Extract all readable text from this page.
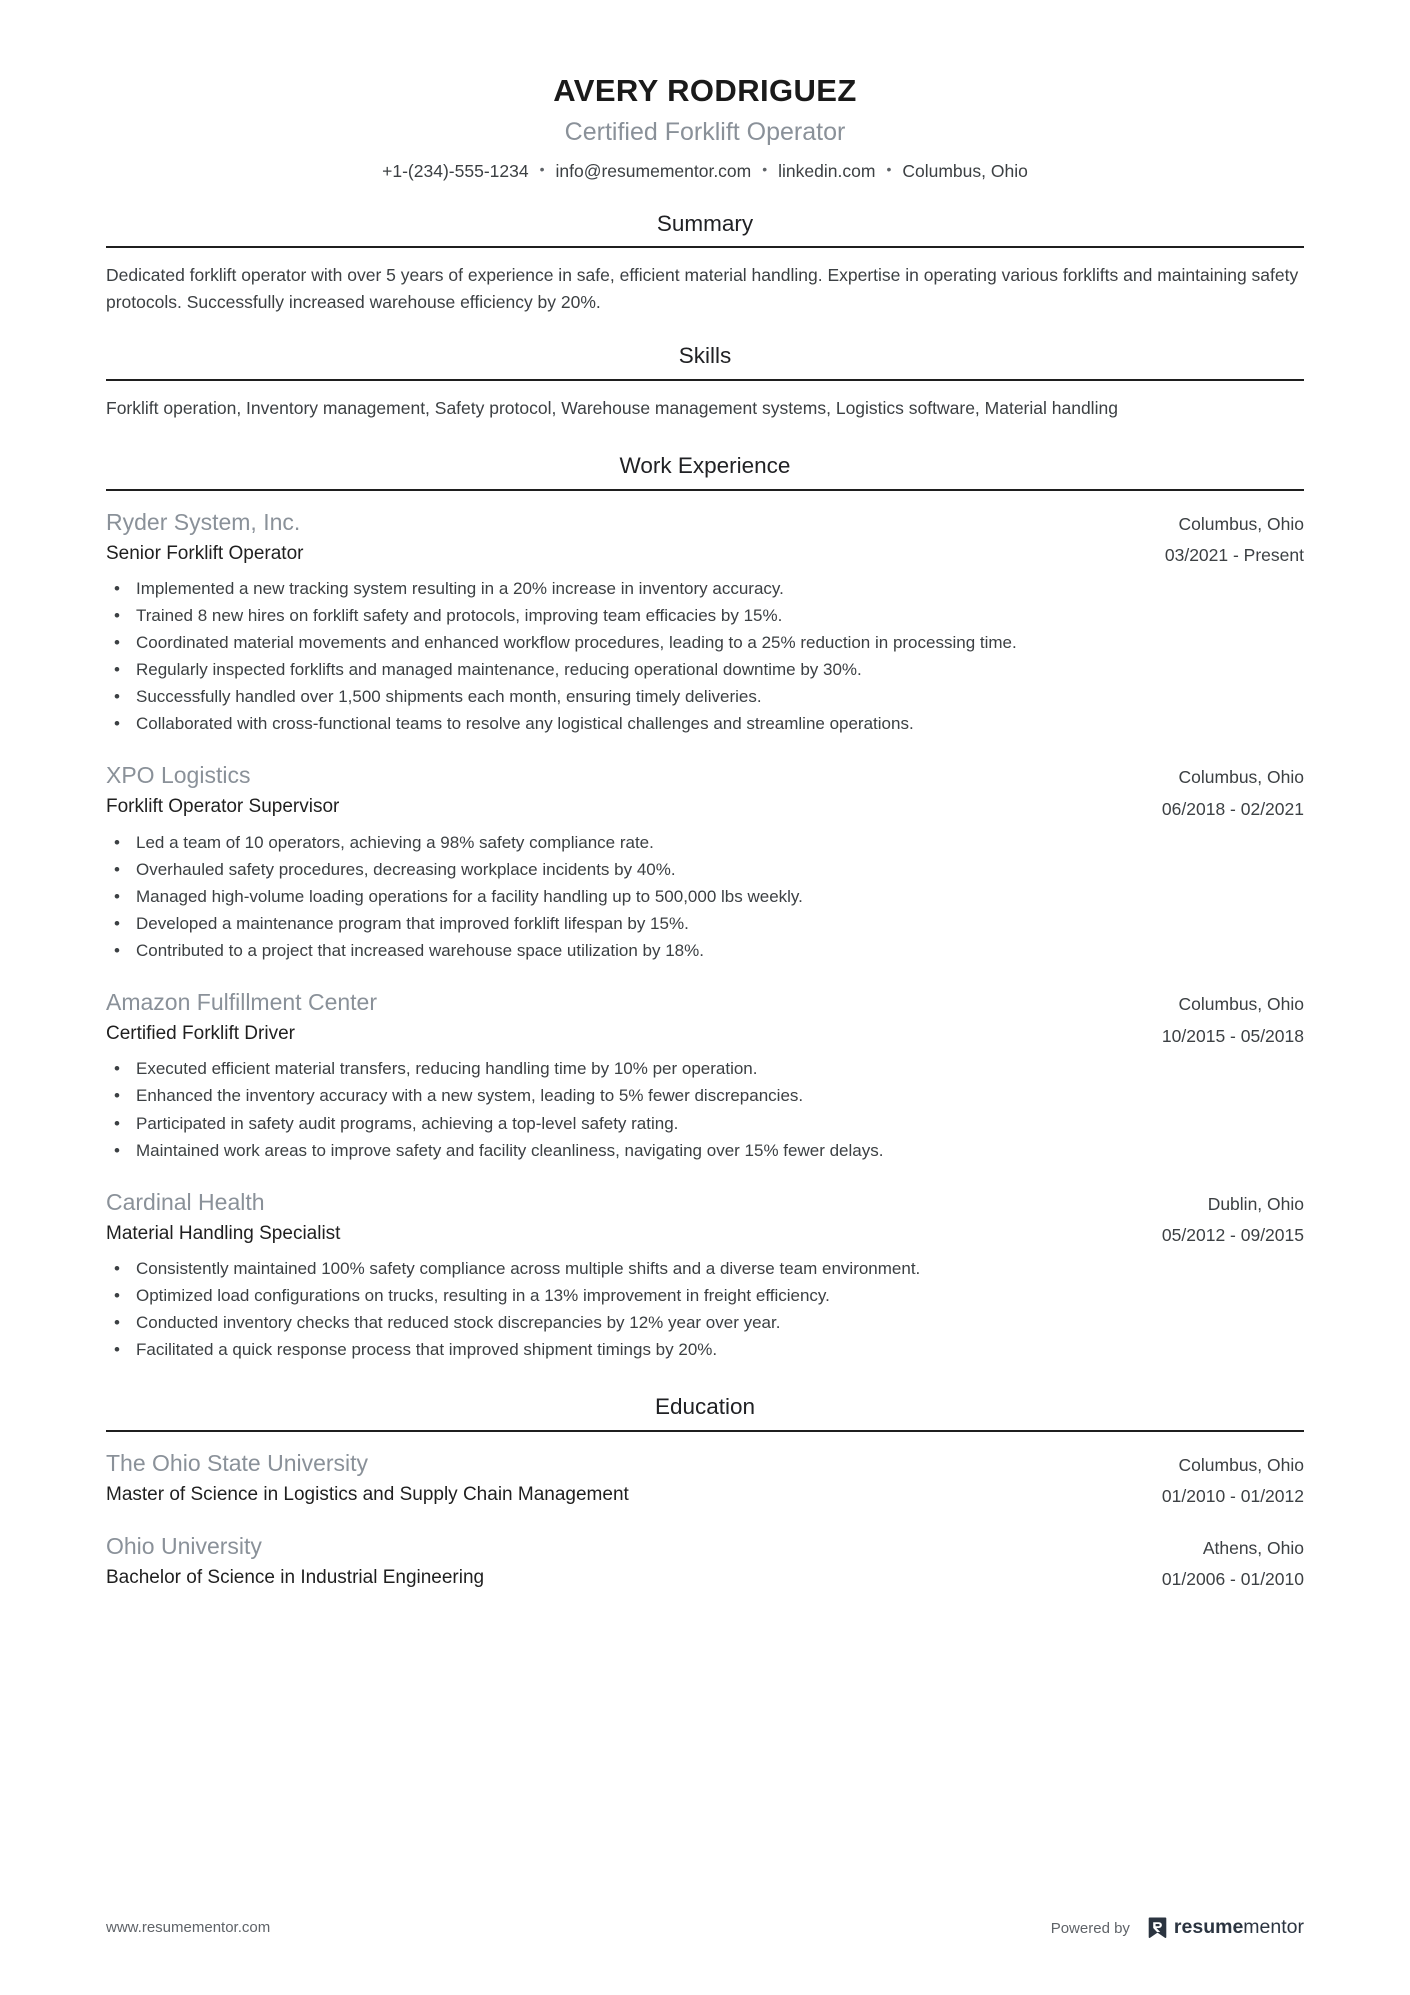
AVERY RODRIGUEZ
Certified Forklift Operator
+1-(234)-555-1234 • info@resumementor.com • linkedin.com • Columbus, Ohio
Summary
Dedicated forklift operator with over 5 years of experience in safe, efficient material handling. Expertise in operating various forklifts and maintaining safety protocols. Successfully increased warehouse efficiency by 20%.
Skills
Forklift operation, Inventory management, Safety protocol, Warehouse management systems, Logistics software, Material handling
Work Experience
Ryder System, Inc.
Senior Forklift Operator
Columbus, Ohio
03/2021 - Present
• Implemented a new tracking system resulting in a 20% increase in inventory accuracy.
• Trained 8 new hires on forklift safety and protocols, improving team efficacies by 15%.
• Coordinated material movements and enhanced workflow procedures, leading to a 25% reduction in processing time.
• Regularly inspected forklifts and managed maintenance, reducing operational downtime by 30%.
• Successfully handled over 1,500 shipments each month, ensuring timely deliveries.
• Collaborated with cross-functional teams to resolve any logistical challenges and streamline operations.
XPO Logistics
Forklift Operator Supervisor
Columbus, Ohio
06/2018 - 02/2021
• Led a team of 10 operators, achieving a 98% safety compliance rate.
• Overhauled safety procedures, decreasing workplace incidents by 40%.
• Managed high-volume loading operations for a facility handling up to 500,000 lbs weekly.
• Developed a maintenance program that improved forklift lifespan by 15%.
• Contributed to a project that increased warehouse space utilization by 18%.
Amazon Fulfillment Center
Certified Forklift Driver
Columbus, Ohio
10/2015 - 05/2018
• Executed efficient material transfers, reducing handling time by 10% per operation.
• Enhanced the inventory accuracy with a new system, leading to 5% fewer discrepancies.
• Participated in safety audit programs, achieving a top-level safety rating.
• Maintained work areas to improve safety and facility cleanliness, navigating over 15% fewer delays.
Cardinal Health
Material Handling Specialist
Dublin, Ohio
05/2012 - 09/2015
• Consistently maintained 100% safety compliance across multiple shifts and a diverse team environment.
• Optimized load configurations on trucks, resulting in a 13% improvement in freight efficiency.
• Conducted inventory checks that reduced stock discrepancies by 12% year over year.
• Facilitated a quick response process that improved shipment timings by 20%.
Education
The Ohio State University
Master of Science in Logistics and Supply Chain Management
Columbus, Ohio
01/2010 - 01/2012
Ohio University
Bachelor of Science in Industrial Engineering
Athens, Ohio
01/2006 - 01/2010
www.resumementor.com	Powered by resume mentor
